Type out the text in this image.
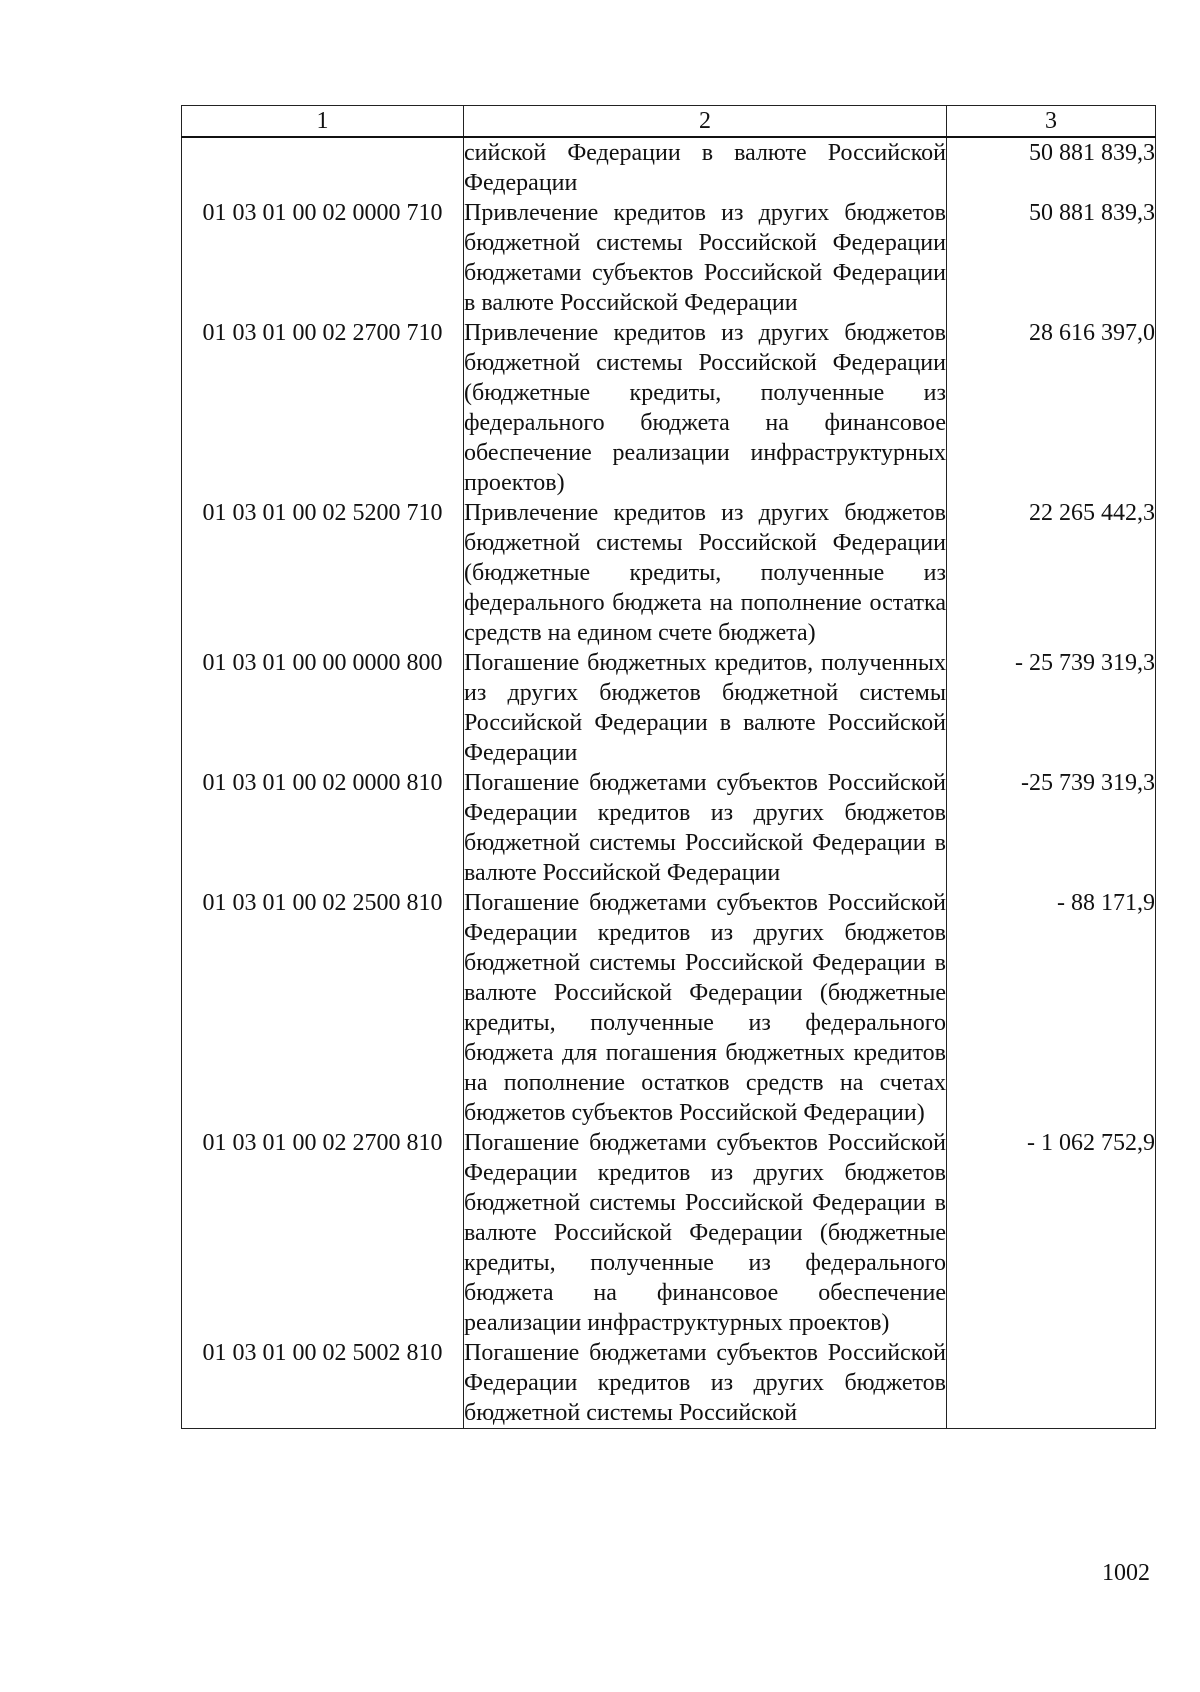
1	2	3
	сийской Федерации в валюте Российской Федерации	50 881 839,3
01 03 01 00 02 0000 710	Привлечение кредитов из других бюджетов бюджетной системы Российской Федерации бюджетами субъектов Российской Федерации в валюте Российской Федерации	50 881 839,3
01 03 01 00 02 2700 710	Привлечение кредитов из других бюджетов бюджетной системы Российской Федерации (бюджетные кредиты, полученные из федерального бюджета на финансовое обеспечение реализации инфраструктурных проектов)	28 616 397,0
01 03 01 00 02 5200 710	Привлечение кредитов из других бюджетов бюджетной системы Российской Федерации (бюджетные кредиты, полученные из федерального бюджета на пополнение остатка средств на едином счете бюджета)	22 265 442,3
01 03 01 00 00 0000 800	Погашение бюджетных кредитов, полученных из других бюджетов бюджетной системы Российской Федерации в валюте Российской Федерации	- 25 739 319,3
01 03 01 00 02 0000 810	Погашение бюджетами субъектов Российской Федерации кредитов из других бюджетов бюджетной системы Российской Федерации в валюте Российской Федерации	-25 739 319,3
01 03 01 00 02 2500 810	Погашение бюджетами субъектов Российской Федерации кредитов из других бюджетов бюджетной системы Российской Федерации в валюте Российской Федерации (бюджетные кредиты, полученные из федерального бюджета для погашения бюджетных кредитов на пополнение остатков средств на счетах бюджетов субъектов Российской Федерации)	- 88 171,9
01 03 01 00 02 2700 810	Погашение бюджетами субъектов Российской Федерации кредитов из других бюджетов бюджетной системы Российской Федерации в валюте Российской Федерации (бюджетные кредиты, полученные из федерального бюджета на финансовое обеспечение реализации инфраструктурных проектов)	- 1 062 752,9
01 03 01 00 02 5002 810	Погашение бюджетами субъектов Российской Федерации кредитов из других бюджетов бюджетной системы Российской	
1002
